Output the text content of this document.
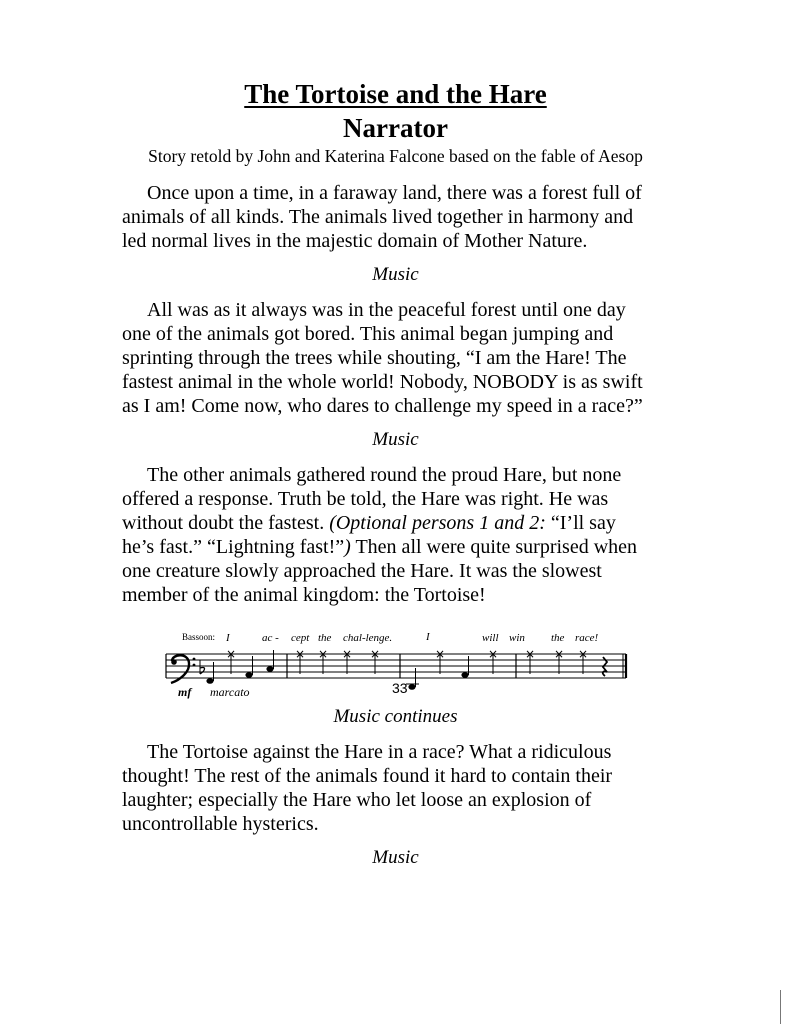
The Tortoise and the Hare
Narrator
Story retold by John and Katerina Falcone based on the fable of Aesop
Once upon a time, in a faraway land, there was a forest full of
animals of all kinds. The animals lived together in harmony and
led normal lives in the majestic domain of Mother Nature.
Music
All was as it always was in the peaceful forest until one day
one of the animals got bored. This animal began jumping and
sprinting through the trees while shouting, “I am the Hare! The
fastest animal in the whole world! Nobody, NOBODY is as swift
as I am! Come now, who dares to challenge my speed in a race?”
Music
The other animals gathered round the proud Hare, but none
offered a response. Truth be told, the Hare was right. He was
without doubt the fastest. (Optional persons 1 and 2: “I’ll say
he’s fast.” “Lightning fast!”) Then all were quite surprised when
one creature slowly approached the Hare. It was the slowest
member of the animal kingdom: the Tortoise!
Bassoon: I	ac - cept the chal-lenge.	I	will win the race!
×	× × × ×	×	× × × ×
mf marcato	33
Music continues
The Tortoise against the Hare in a race? What a ridiculous
thought! The rest of the animals found it hard to contain their
laughter; especially the Hare who let loose an explosion of
uncontrollable hysterics.
Music
